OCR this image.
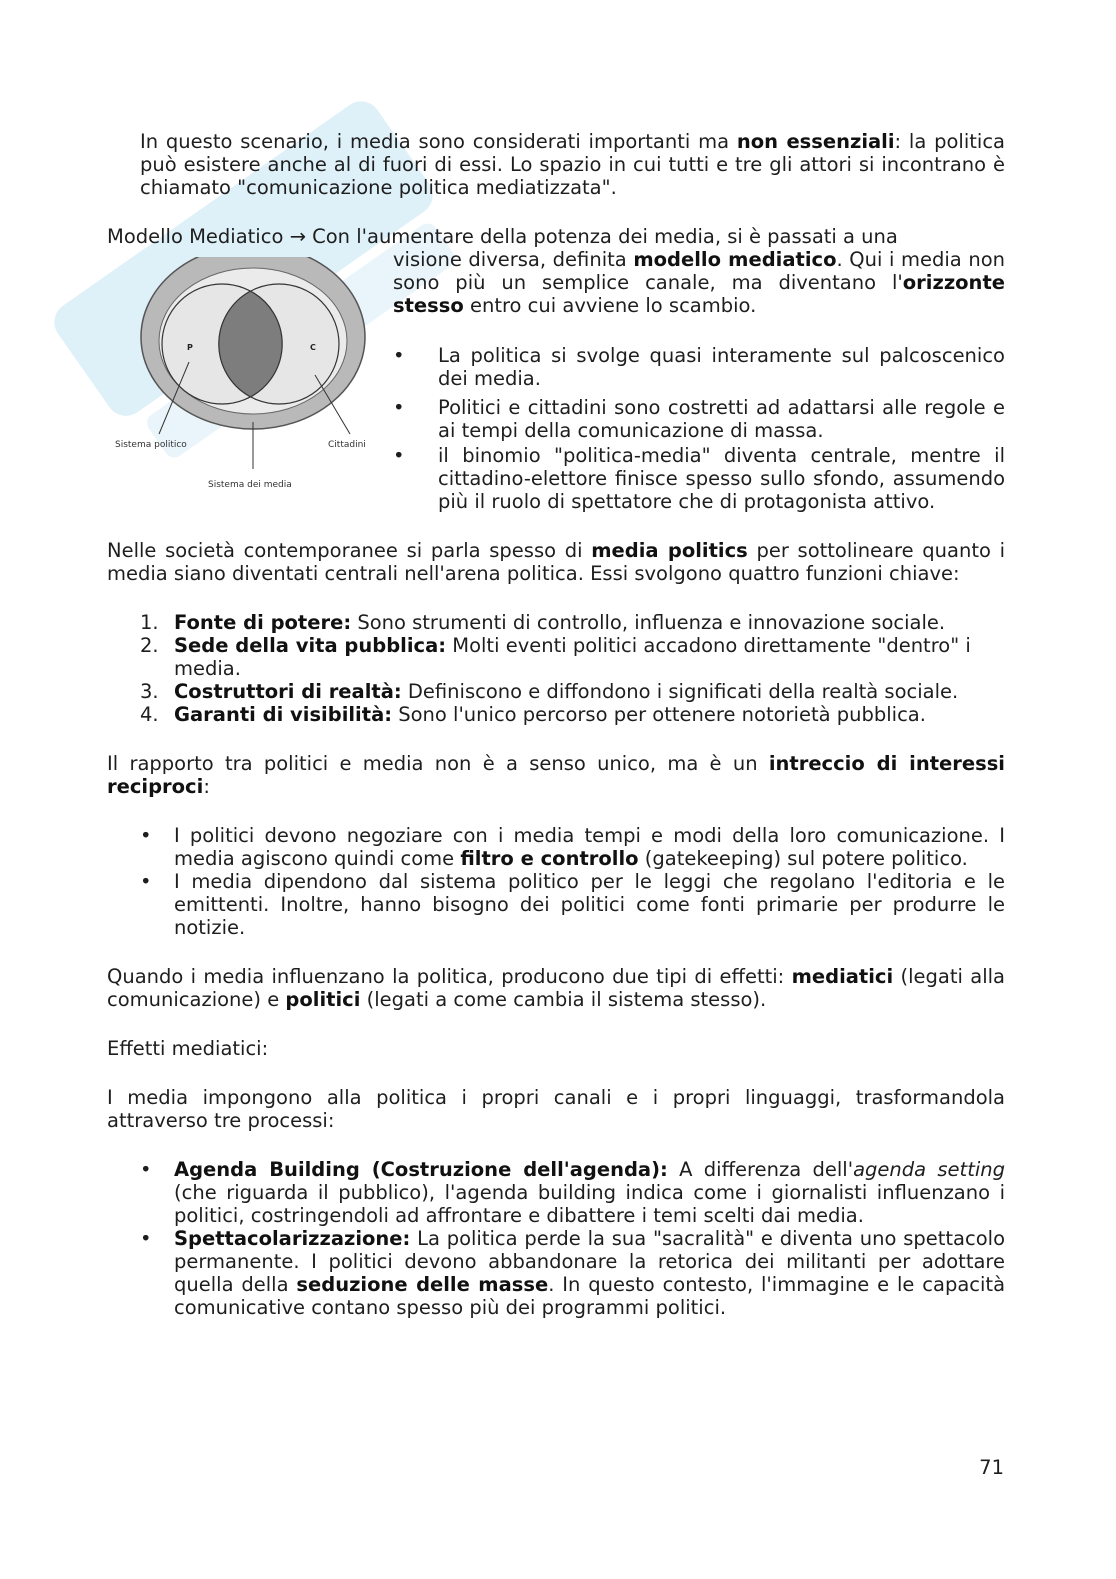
In questo scenario, i media sono considerati importanti ma non essenziali: la politica può esistere anche al di fuori di essi. Lo spazio in cui tutti e tre gli attori si incontrano è chiamato "comunicazione politica mediatizzata".

Modello Mediatico → Con l'aumentare della potenza dei media, si è passati a una

P	C
Sistema politico	Cittadini
Sistema dei media

visione diversa, definita modello mediatico. Qui i media non sono più un semplice canale, ma diventano l'orizzonte stesso entro cui avviene lo scambio.

•	La politica si svolge quasi interamente sul palcoscenico dei media.
•	Politici e cittadini sono costretti ad adattarsi alle regole e ai tempi della comunicazione di massa.
•	il binomio "politica-media" diventa centrale, mentre il cittadino-elettore finisce spesso sullo sfondo, assumendo più il ruolo di spettatore che di protagonista attivo.

Nelle società contemporanee si parla spesso di media politics per sottolineare quanto i media siano diventati centrali nell'arena politica. Essi svolgono quattro funzioni chiave:

1. Fonte di potere: Sono strumenti di controllo, influenza e innovazione sociale.
2. Sede della vita pubblica: Molti eventi politici accadono direttamente "dentro" i media.
3. Costruttori di realtà: Definiscono e diffondono i significati della realtà sociale.
4. Garanti di visibilità: Sono l'unico percorso per ottenere notorietà pubblica.

Il rapporto tra politici e media non è a senso unico, ma è un intreccio di interessi reciproci:

•	I politici devono negoziare con i media tempi e modi della loro comunicazione. I media agiscono quindi come filtro e controllo (gatekeeping) sul potere politico.
•	I media dipendono dal sistema politico per le leggi che regolano l'editoria e le emittenti. Inoltre, hanno bisogno dei politici come fonti primarie per produrre le notizie.

Quando i media influenzano la politica, producono due tipi di effetti: mediatici (legati alla comunicazione) e politici (legati a come cambia il sistema stesso).

Effetti mediatici:

I media impongono alla politica i propri canali e i propri linguaggi, trasformandola attraverso tre processi:

•	Agenda Building (Costruzione dell'agenda): A differenza dell'agenda setting (che riguarda il pubblico), l'agenda building indica come i giornalisti influenzano i politici, costringendoli ad affrontare e dibattere i temi scelti dai media.
•	Spettacolarizzazione: La politica perde la sua "sacralità" e diventa uno spettacolo permanente. I politici devono abbandonare la retorica dei militanti per adottare quella della seduzione delle masse. In questo contesto, l'immagine e le capacità comunicative contano spesso più dei programmi politici.
71
